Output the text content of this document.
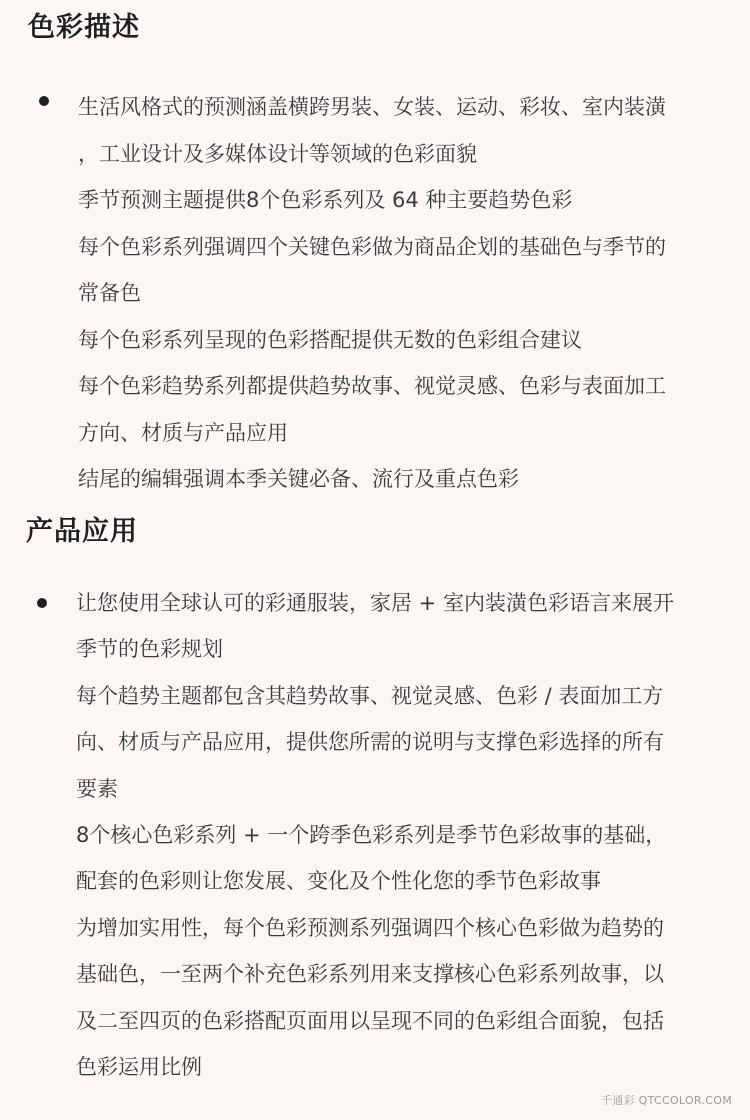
色彩描述

生活风格式的预测涵盖横跨男装、女装、运动、彩妆、室内装潢

，工业设计及多媒体设计等领域的色彩面貌

季节预测主题提供8个色彩系列及 64 种主要趋势色彩

每个色彩系列强调四个关键色彩做为商品企划的基础色与季节的

常备色

每个色彩系列呈现的色彩搭配提供无数的色彩组合建议

每个色彩趋势系列都提供趋势故事、视觉灵感、色彩与表面加工

方向、材质与产品应用

结尾的编辑强调本季关键必备、流行及重点色彩

产品应用

让您使用全球认可的彩通服装，家居 + 室内装潢色彩语言来展开

季节的色彩规划

每个趋势主题都包含其趋势故事、视觉灵感、色彩 / 表面加工方

向、材质与产品应用，提供您所需的说明与支撑色彩选择的所有

要素

8个核心色彩系列 + 一个跨季色彩系列是季节色彩故事的基础，

配套的色彩则让您发展、变化及个性化您的季节色彩故事

为增加实用性，每个色彩预测系列强调四个核心色彩做为趋势的

基础色，一至两个补充色彩系列用来支撑核心色彩系列故事，以

及二至四页的色彩搭配页面用以呈现不同的色彩组合面貌，包括

色彩运用比例

千通彩 QTCCOLOR.COM
